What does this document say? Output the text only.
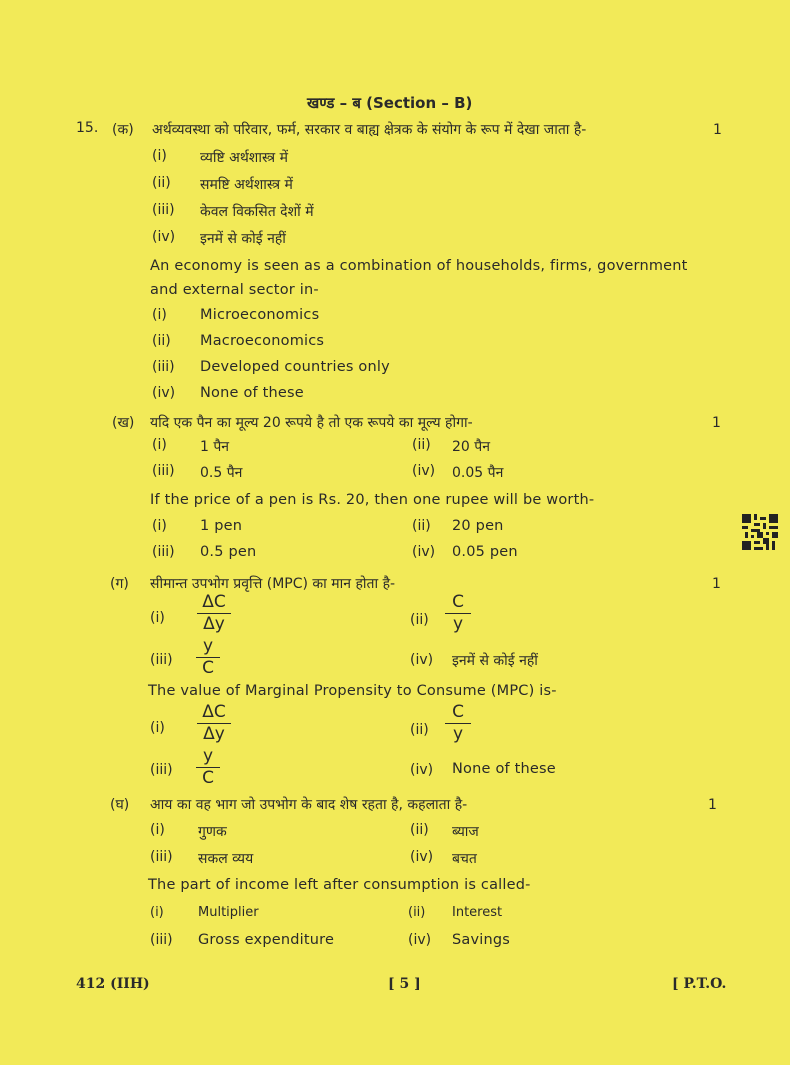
खण्ड – ब (Section – B)
15. (क) अर्थव्यवस्था को परिवार, फर्म, सरकार व बाह्य क्षेत्रक के संयोग के रूप में देखा जाता है-	1
(i) व्यष्टि अर्थशास्त्र में
(ii) समष्टि अर्थशास्त्र में
(iii) केवल विकसित देशों में
(iv) इनमें से कोई नहीं
An economy is seen as a combination of households, firms, government
and external sector in-
(i) Microeconomics
(ii) Macroeconomics
(iii) Developed countries only
(iv) None of these
(ख) यदि एक पैन का मूल्य 20 रूपये है तो एक रूपये का मूल्य होगा-	1
(i) 1 पैन	(ii) 20 पैन
(iii) 0.5 पैन	(iv) 0.05 पैन
If the price of a pen is Rs. 20, then one rupee will be worth-
(i) 1 pen	(ii) 20 pen
(iii) 0.5 pen	(iv) 0.05 pen
(ग) सीमान्त उपभोग प्रवृत्ति (MPC) का मान होता है-	1
$(i) \frac{\Delta C}{\Delta y}$	$(ii) \frac{C}{y}$
$(iii) \frac{y}{C}$	(iv) इनमें से कोई नहीं
The value of Marginal Propensity to Consume (MPC) is-
$(i) \frac{\Delta C}{\Delta y}$	$(ii) \frac{C}{y}$
$(iii) \frac{y}{C}$	(iv) None of these
(घ) आय का वह भाग जो उपभोग के बाद शेष रहता है, कहलाता है-	1
(i) गुणक	(ii) ब्याज
(iii) सकल व्यय	(iv) बचत
The part of income left after consumption is called-
(i)	Multiplier	(ii) Interest
(iii) Gross expenditure	(iv) Savings
412 (IIH)	[ 5 ]	[ P.T.O.
